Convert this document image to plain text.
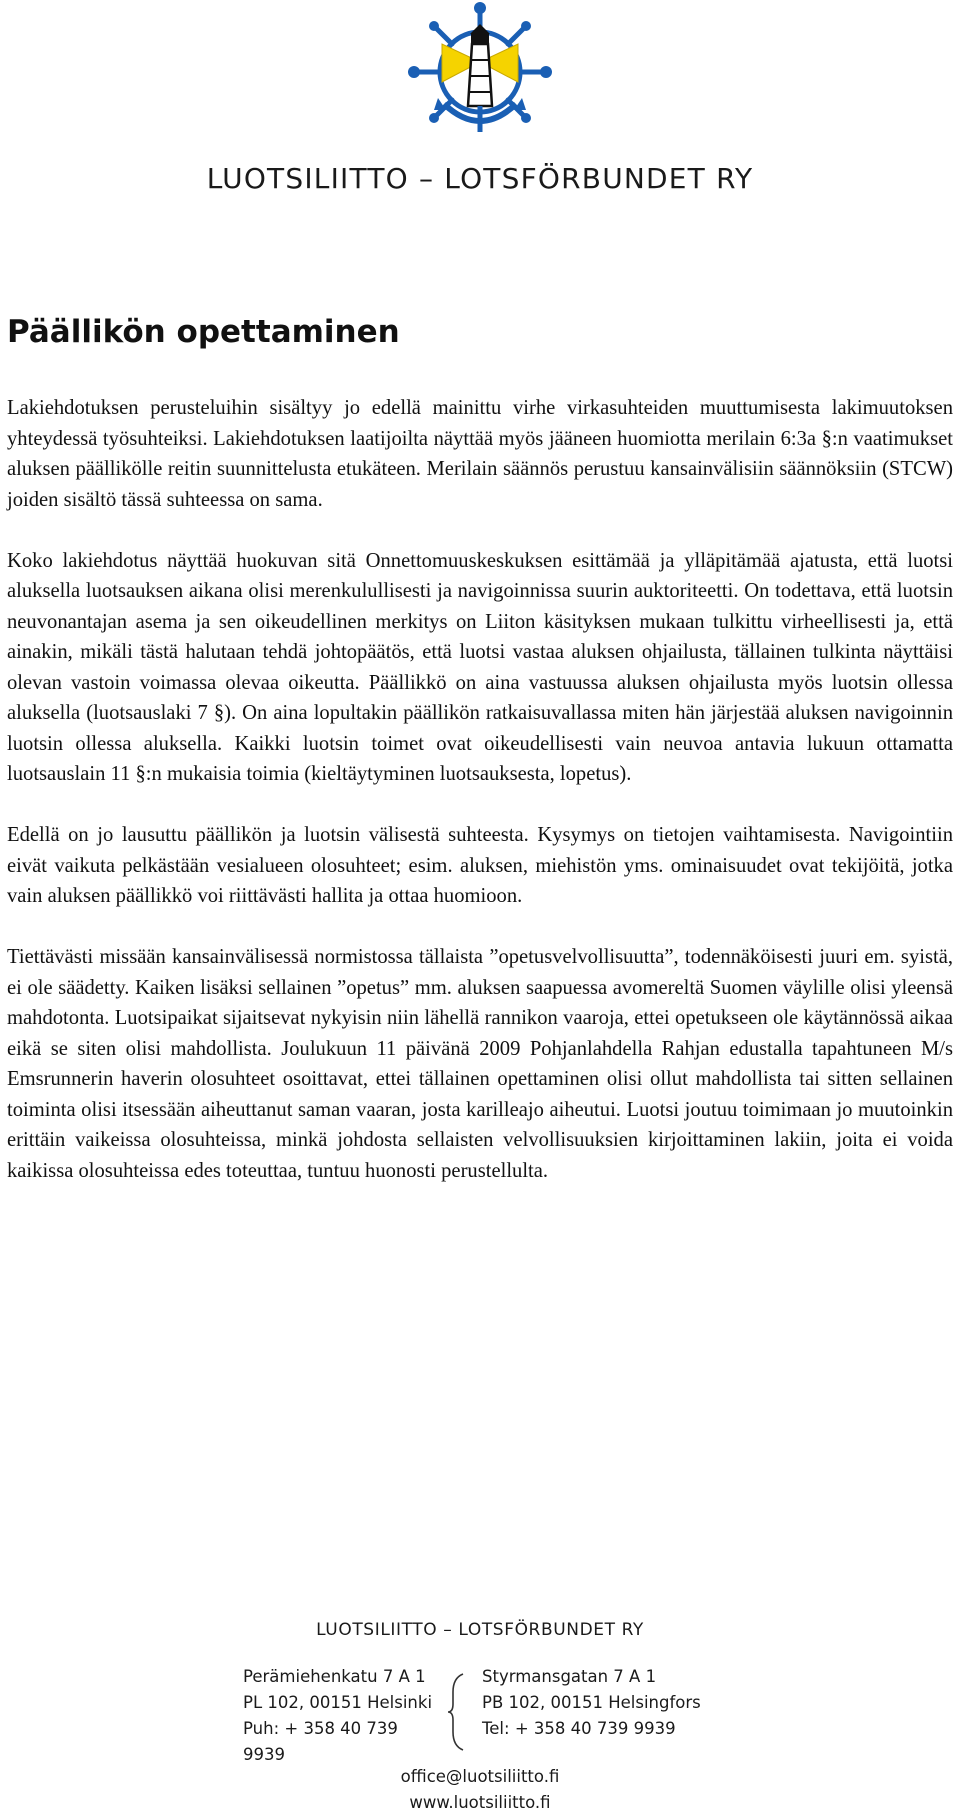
LUOTSILIITTO – LOTSFÖRBUNDET RY
Päällikön opettaminen

Lakiehdotuksen perusteluihin sisältyy jo edellä mainittu virhe virkasuhteiden muuttumisesta lakimuutoksen yhteydessä työsuhteiksi. Lakiehdotuksen laatijoilta näyttää myös jääneen huomiotta merilain 6:3a §:n vaatimukset aluksen päällikölle reitin suunnittelusta etukäteen. Merilain säännös perustuu kansainvälisiin säännöksiin (STCW) joiden sisältö tässä suhteessa on sama.

Koko lakiehdotus näyttää huokuvan sitä Onnettomuuskeskuksen esittämää ja ylläpitämää ajatusta, että luotsi aluksella luotsauksen aikana olisi merenkulullisesti ja navigoinnissa suurin auktoriteetti. On todettava, että luotsin neuvonantajan asema ja sen oikeudellinen merkitys on Liiton käsityksen mukaan tulkittu virheellisesti ja, että ainakin, mikäli tästä halutaan tehdä johtopäätös, että luotsi vastaa aluksen ohjailusta, tällainen tulkinta näyttäisi olevan vastoin voimassa olevaa oikeutta. Päällikkö on aina vastuussa aluksen ohjailusta myös luotsin ollessa aluksella (luotsauslaki 7 §). On aina lopultakin päällikön ratkaisuvallassa miten hän järjestää aluksen navigoinnin luotsin ollessa aluksella. Kaikki luotsin toimet ovat oikeudellisesti vain neuvoa antavia lukuun ottamatta luotsauslain 11 §:n mukaisia toimia (kieltäytyminen luotsauksesta, lopetus).

Edellä on jo lausuttu päällikön ja luotsin välisestä suhteesta. Kysymys on tietojen vaihtamisesta. Navigointiin eivät vaikuta pelkästään vesialueen olosuhteet; esim. aluksen, miehistön yms. ominaisuudet ovat tekijöitä, jotka vain aluksen päällikkö voi riittävästi hallita ja ottaa huomioon.

Tiettävästi missään kansainvälisessä normistossa tällaista ”opetusvelvollisuutta”, todennäköisesti juuri em. syistä, ei ole säädetty. Kaiken lisäksi sellainen ”opetus” mm. aluksen saapuessa avomereltä Suomen väylille olisi yleensä mahdotonta. Luotsipaikat sijaitsevat nykyisin niin lähellä rannikon vaaroja, ettei opetukseen ole käytännössä aikaa eikä se siten olisi mahdollista. Joulukuun 11 päivänä 2009 Pohjanlahdella Rahjan edustalla tapahtuneen M/s Emsrunnerin haverin olosuhteet osoittavat, ettei tällainen opettaminen olisi ollut mahdollista tai sitten sellainen toiminta olisi itsessään aiheuttanut saman vaaran, josta karilleajo aiheutui. Luotsi joutuu toimimaan jo muutoinkin erittäin vaikeissa olosuhteissa, minkä johdosta sellaisten velvollisuuksien kirjoittaminen lakiin, joita ei voida kaikissa olosuhteissa edes toteuttaa, tuntuu huonosti perustellulta.

LUOTSILIITTO – LOTSFÖRBUNDET RY
Perämiehenkatu 7 A 1
PL 102, 00151 Helsinki
Puh: + 358 40 739 9939
Styrmansgatan 7 A 1
PB 102, 00151 Helsingfors
Tel: + 358 40 739 9939
office@luotsiliitto.fi
www.luotsiliitto.fi
